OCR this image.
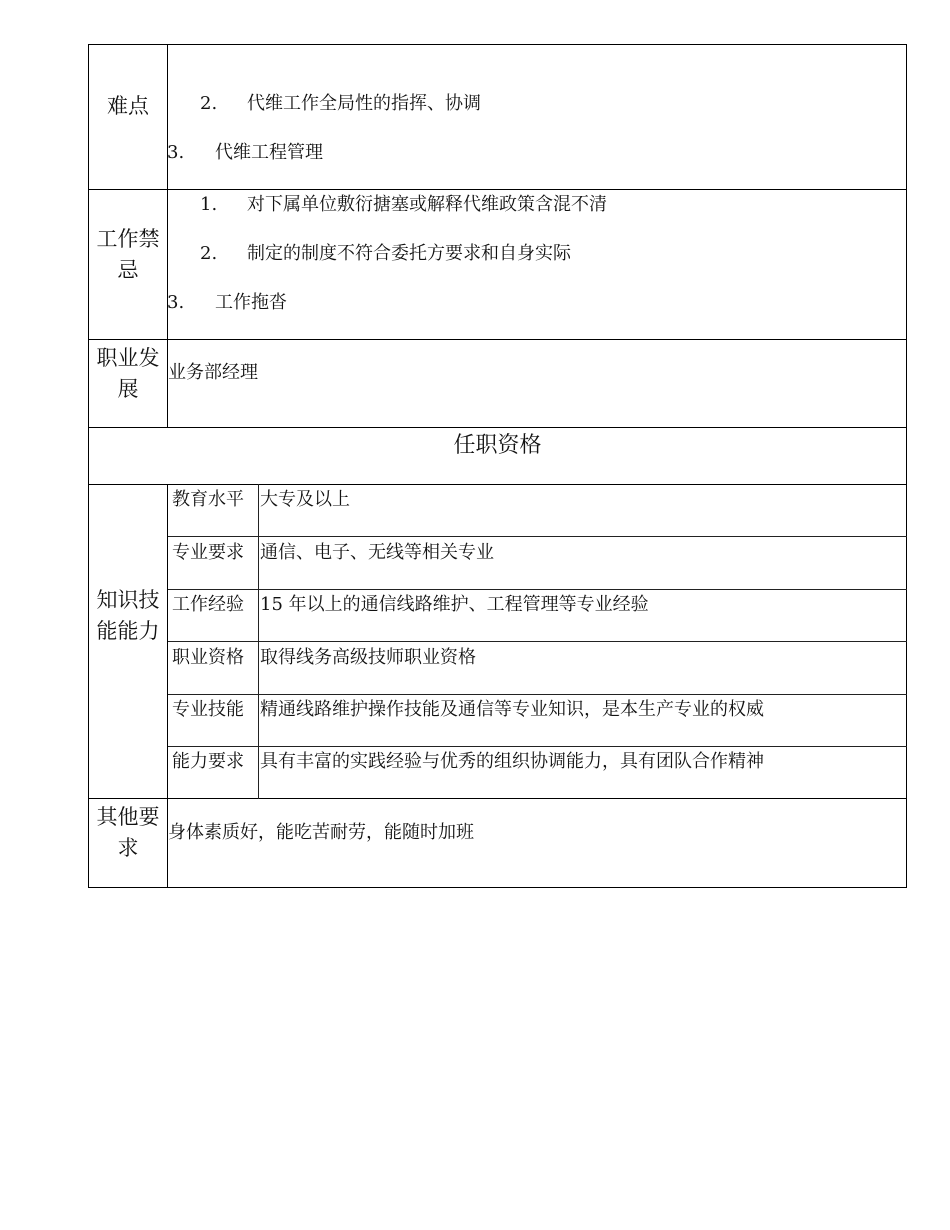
难点	2. 代维工作全局性的指挥、协调
3. 代维工程管理
工作禁忌
1. 对下属单位敷衍搪塞或解释代维政策含混不清
2. 制定的制度不符合委托方要求和自身实际
3. 工作拖沓
职业发展
业务部经理
任职资格
知识技能能力
教育水平 大专及以上
专业要求 通信、电子、无线等相关专业
工作经验 15 年以上的通信线路维护、工程管理等专业经验
职业资格 取得线务高级技师职业资格
专业技能 精通线路维护操作技能及通信等专业知识，是本生产专业的权威
能力要求 具有丰富的实践经验与优秀的组织协调能力，具有团队合作精神
其他要求
身体素质好，能吃苦耐劳，能随时加班
